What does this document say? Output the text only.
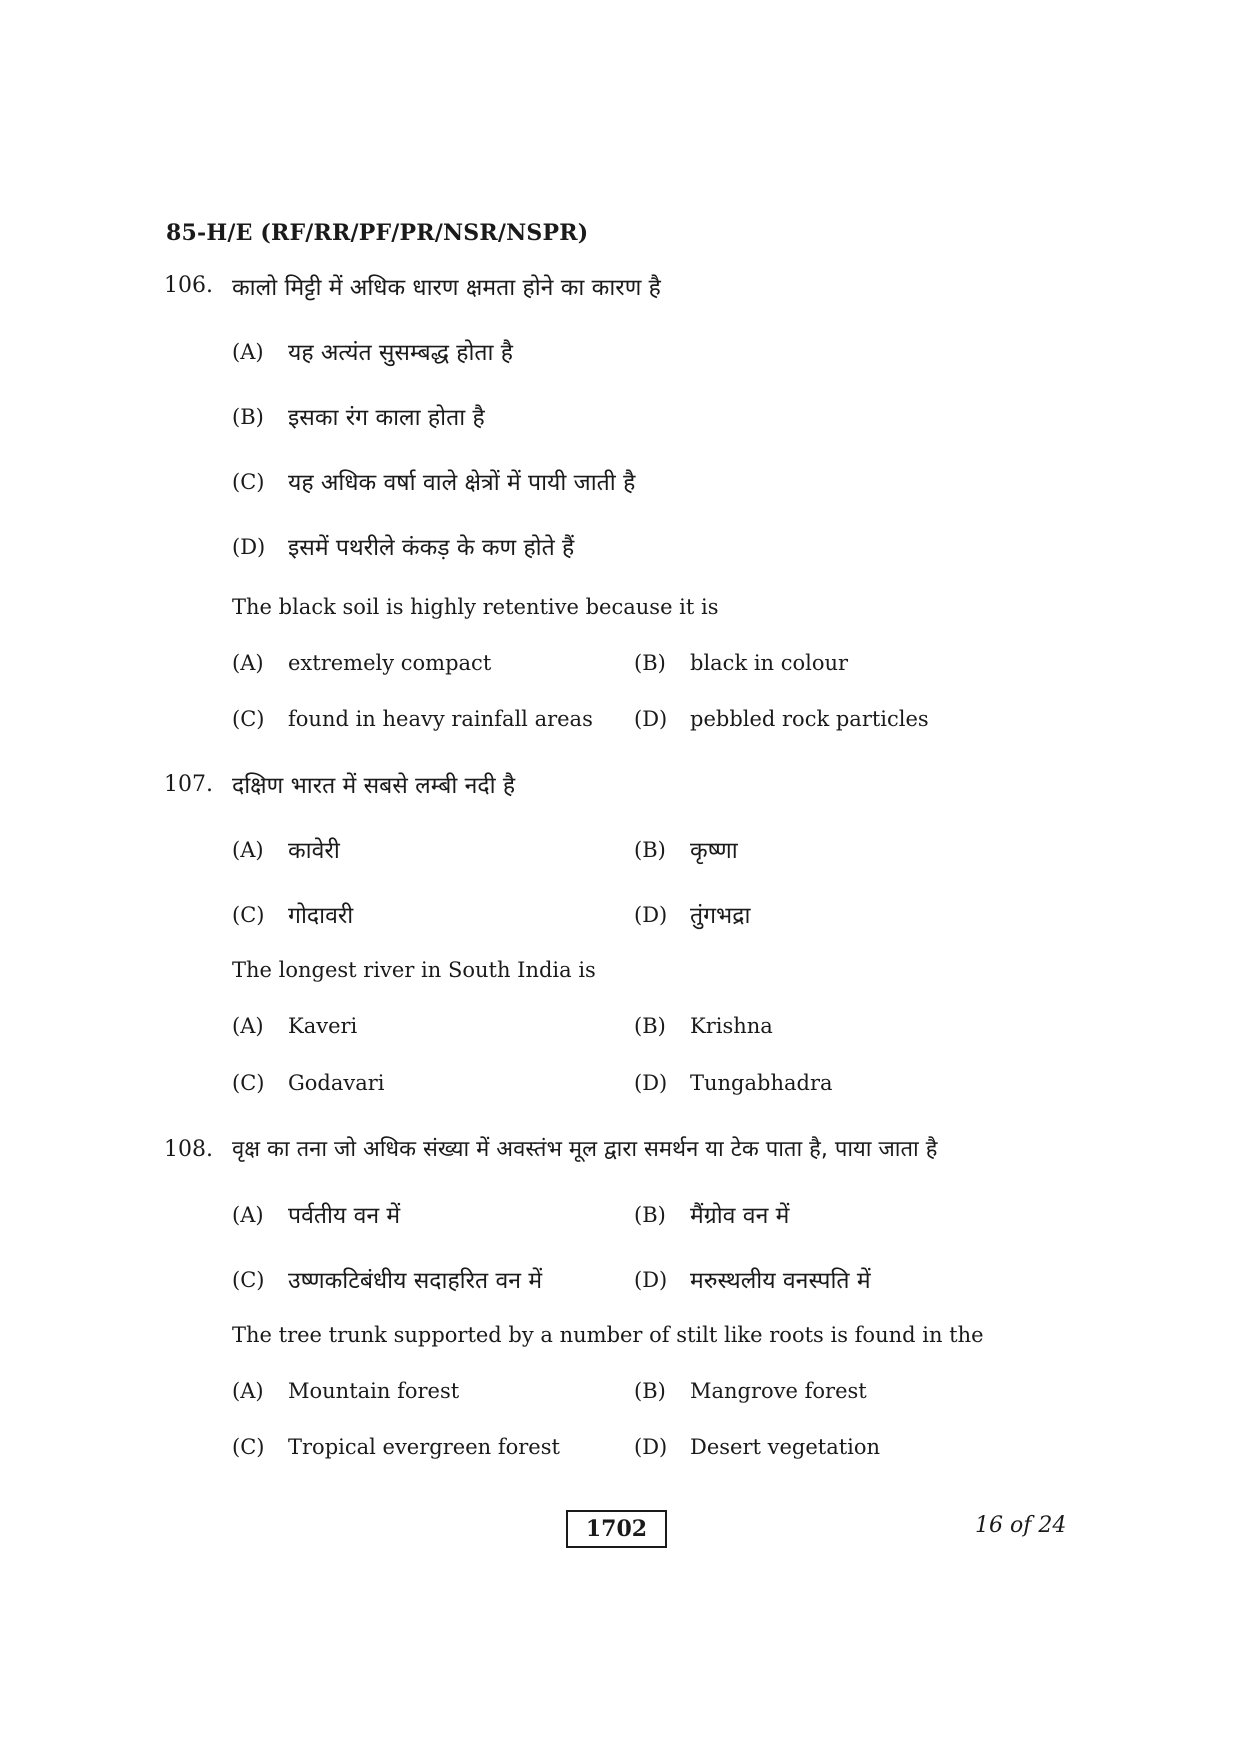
85-H/E (RF/RR/PF/PR/NSR/NSPR)
106. कालो मिट्टी में अधिक धारण क्षमता होने का कारण है
(A) यह अत्यंत सुसम्बद्ध होता है
(B) इसका रंग काला होता है
(C) यह अधिक वर्षा वाले क्षेत्रों में पायी जाती है
(D) इसमें पथरीले कंकड़ के कण होते हैं
The black soil is highly retentive because it is
(A) extremely compact	(B) black in colour
(C) found in heavy rainfall areas (D) pebbled rock particles
107. दक्षिण भारत में सबसे लम्बी नदी है
(A) कावेरी	(B) कृष्णा
(C) गोदावरी	(D) तुंगभद्रा
The longest river in South India is
(A) Kaveri	(B) Krishna
(C) Godavari	(D) Tungabhadra
108. वृक्ष का तना जो अधिक संख्या में अवस्तंभ मूल द्वारा समर्थन या टेक पाता है, पाया जाता है
(A) पर्वतीय वन में	(B) मैंग्रोव वन में
(C) उष्णकटिबंधीय सदाहरित वन में	(D) मरुस्थलीय वनस्पति में
The tree trunk supported by a number of stilt like roots is found in the
(A) Mountain forest	(B) Mangrove forest
(C) Tropical evergreen forest	(D) Desert vegetation
1702	16 of 24
